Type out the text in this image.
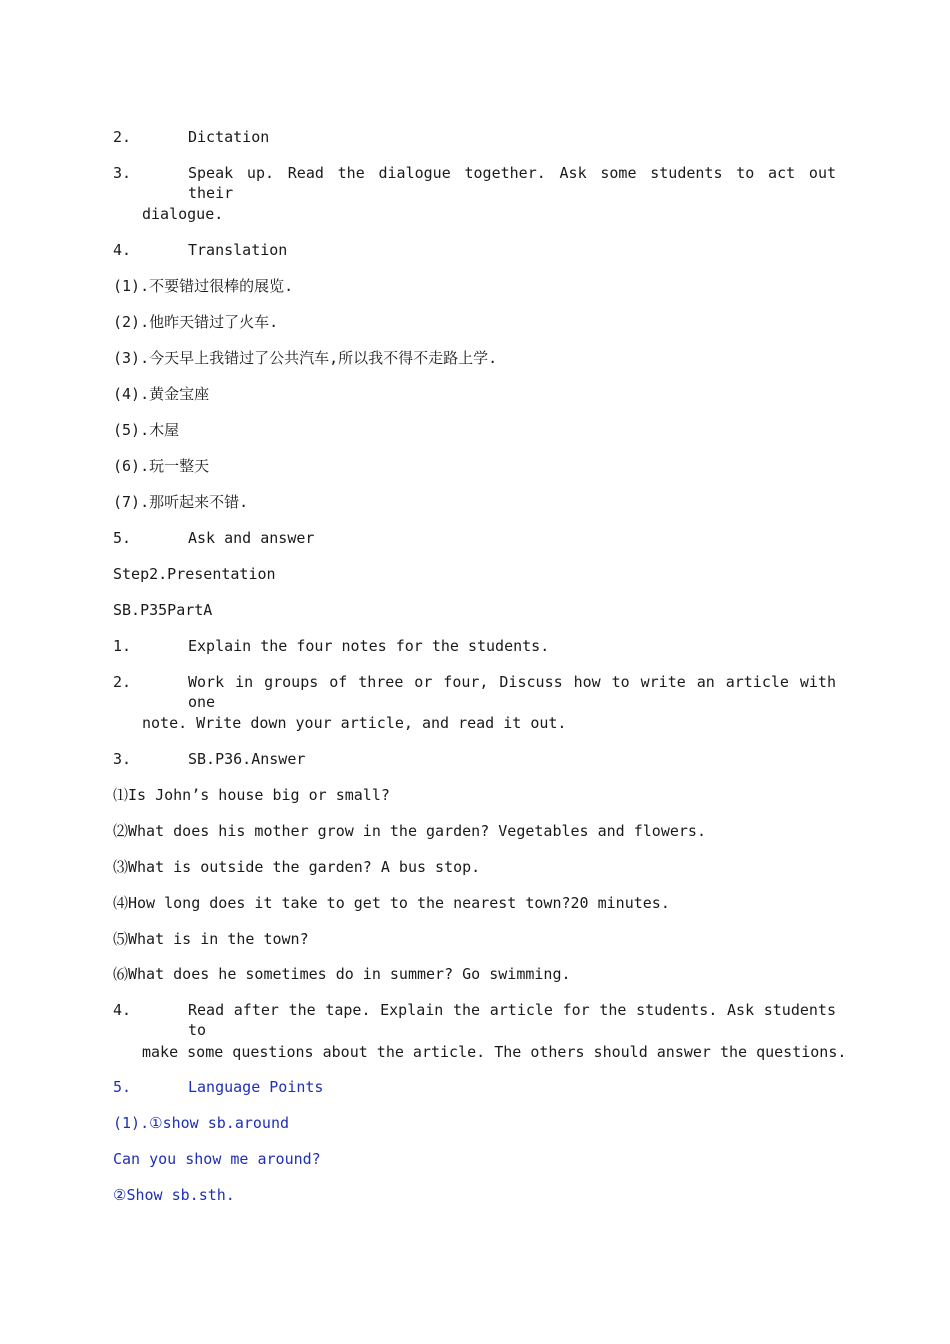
2.	Dictation
3.	Speak up. Read the dialogue together. Ask some students to act out their
dialogue.
4.	Translation
(1).不要错过很棒的展览.
(2).他昨天错过了火车.
(3).今天早上我错过了公共汽车,所以我不得不走路上学.
(4).黄金宝座
(5).木屋
(6).玩一整天
(7).那听起来不错.
5.	Ask and answer
Step2.Presentation
SB.P35PartA
1.	Explain the four notes for the students.
2.	Work in groups of three or four, Discuss how to write an article with one
note. Write down your article, and read it out.
3.	SB.P36.Answer
⑴Is John’s house big or small?
⑵What does his mother grow in the garden? Vegetables and flowers.
⑶What is outside the garden? A bus stop.
⑷How long does it take to get to the nearest town?20 minutes.
⑸What is in the town?
⑹What does he sometimes do in summer? Go swimming.
4.	Read after the tape. Explain the article for the students. Ask students to
make some questions about the article. The others should answer the questions.
5.	Language Points
(1).①show sb.around
Can you show me around?
②Show sb.sth.
